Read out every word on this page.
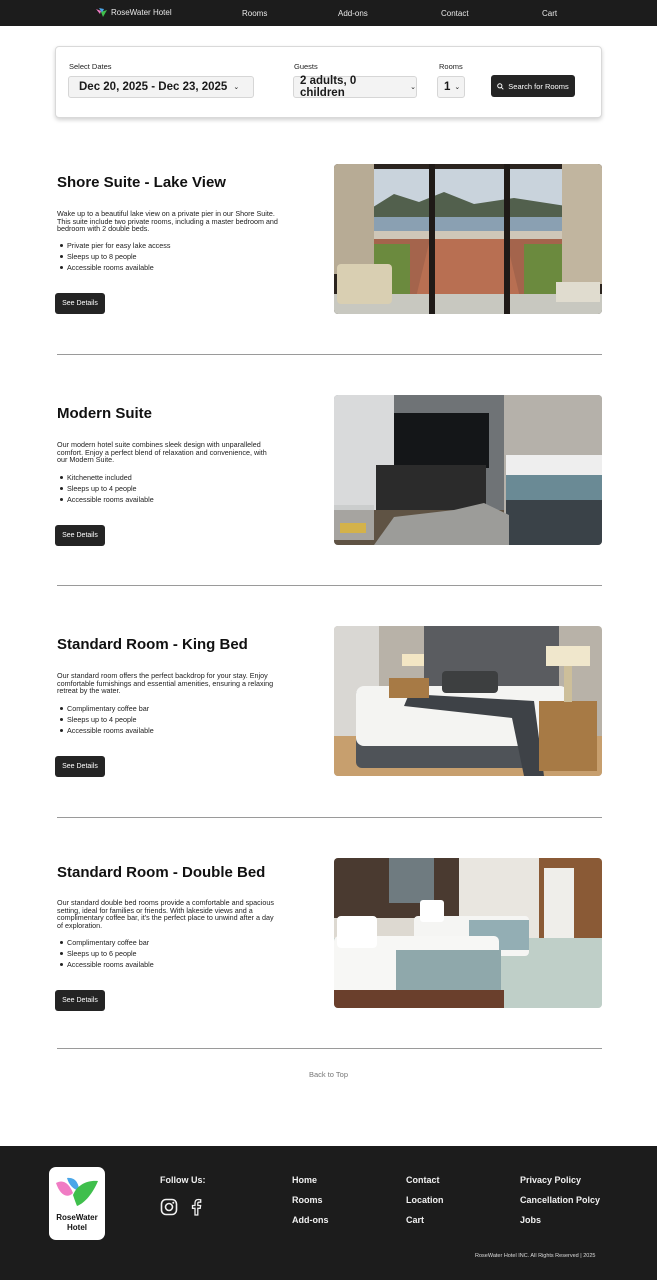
RoseWater Hotel	Rooms	Add-ons	Contact	Cart
Select Dates
Dec 20, 2025 - Dec 23, 2025 ⌄
Guests
2 adults, 0 children	⌄
Rooms
1 ⌄	Search for Rooms
Shore Suite - Lake View

Wake up to a beautiful lake view on a private pier in our Shore Suite. This suite include two private rooms, including a master bedroom and bedroom with 2 double beds.

Private pier for easy lake access
Sleeps up to 8 people
Accessible rooms available
See Details
Modern Suite

Our modern hotel suite combines sleek design with unparalleled comfort. Enjoy a perfect blend of relaxation and convenience, with our Modern Suite.

Kitchenette included
Sleeps up to 4 people
Accessible rooms available
See Details
Standard Room - King Bed

Our standard room offers the perfect backdrop for your stay. Enjoy comfortable furnishings and essential amenities, ensuring a relaxing retreat by the water.

Complimentary coffee bar
Sleeps up to 4 people
Accessible rooms available
See Details
Standard Room - Double Bed

Our standard double bed rooms provide a comfortable and spacious setting, ideal for families or friends. With lakeside views and a complimentary coffee bar, it's the perfect place to unwind after a day of exploration.

Complimentary coffee bar
Sleeps up to 6 people
Accessible rooms available
See Details
Back to Top
RoseWater
Hotel
Follow Us:	Home
Rooms
Add-ons
Contact
Location
Cart
Privacy Policy
Cancellation Polcy
Jobs
RoseWater Hotel INC. All Rights Reserved | 2025
